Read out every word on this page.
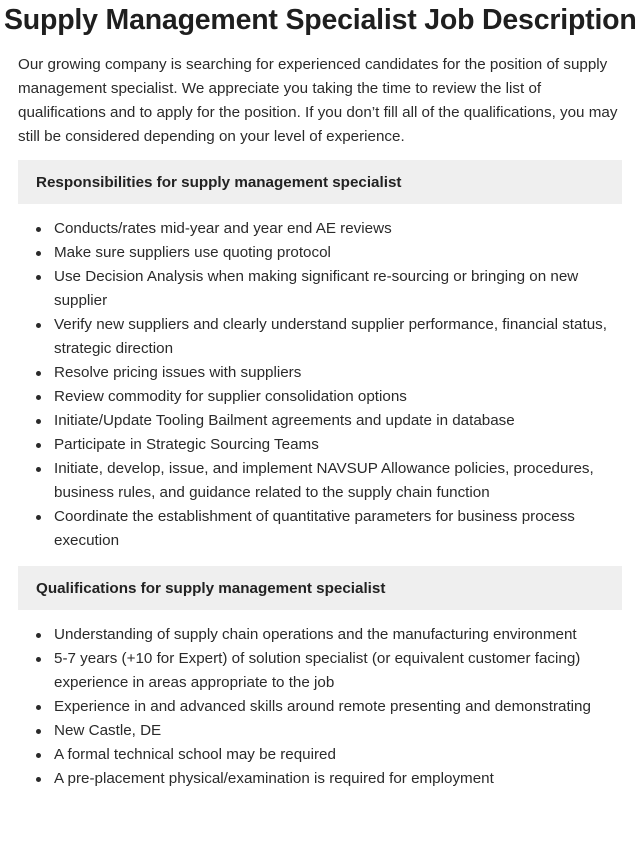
Supply Management Specialist Job Description

Our growing company is searching for experienced candidates for the position of supply management specialist. We appreciate you taking the time to review the list of qualifications and to apply for the position. If you don’t fill all of the qualifications, you may still be considered depending on your level of experience.

Responsibilities for supply management specialist
Conducts/rates mid-year and year end AE reviews
Make sure suppliers use quoting protocol
Use Decision Analysis when making significant re-sourcing or bringing on new supplier
Verify new suppliers and clearly understand supplier performance, financial status, strategic direction
Resolve pricing issues with suppliers
Review commodity for supplier consolidation options
Initiate/Update Tooling Bailment agreements and update in database
Participate in Strategic Sourcing Teams
Initiate, develop, issue, and implement NAVSUP Allowance policies, procedures, business rules, and guidance related to the supply chain function
Coordinate the establishment of quantitative parameters for business process execution
Qualifications for supply management specialist
Understanding of supply chain operations and the manufacturing environment
5-7 years (+10 for Expert) of solution specialist (or equivalent customer facing) experience in areas appropriate to the job
Experience in and advanced skills around remote presenting and demonstrating
New Castle, DE
A formal technical school may be required
A pre-placement physical/examination is required for employment
